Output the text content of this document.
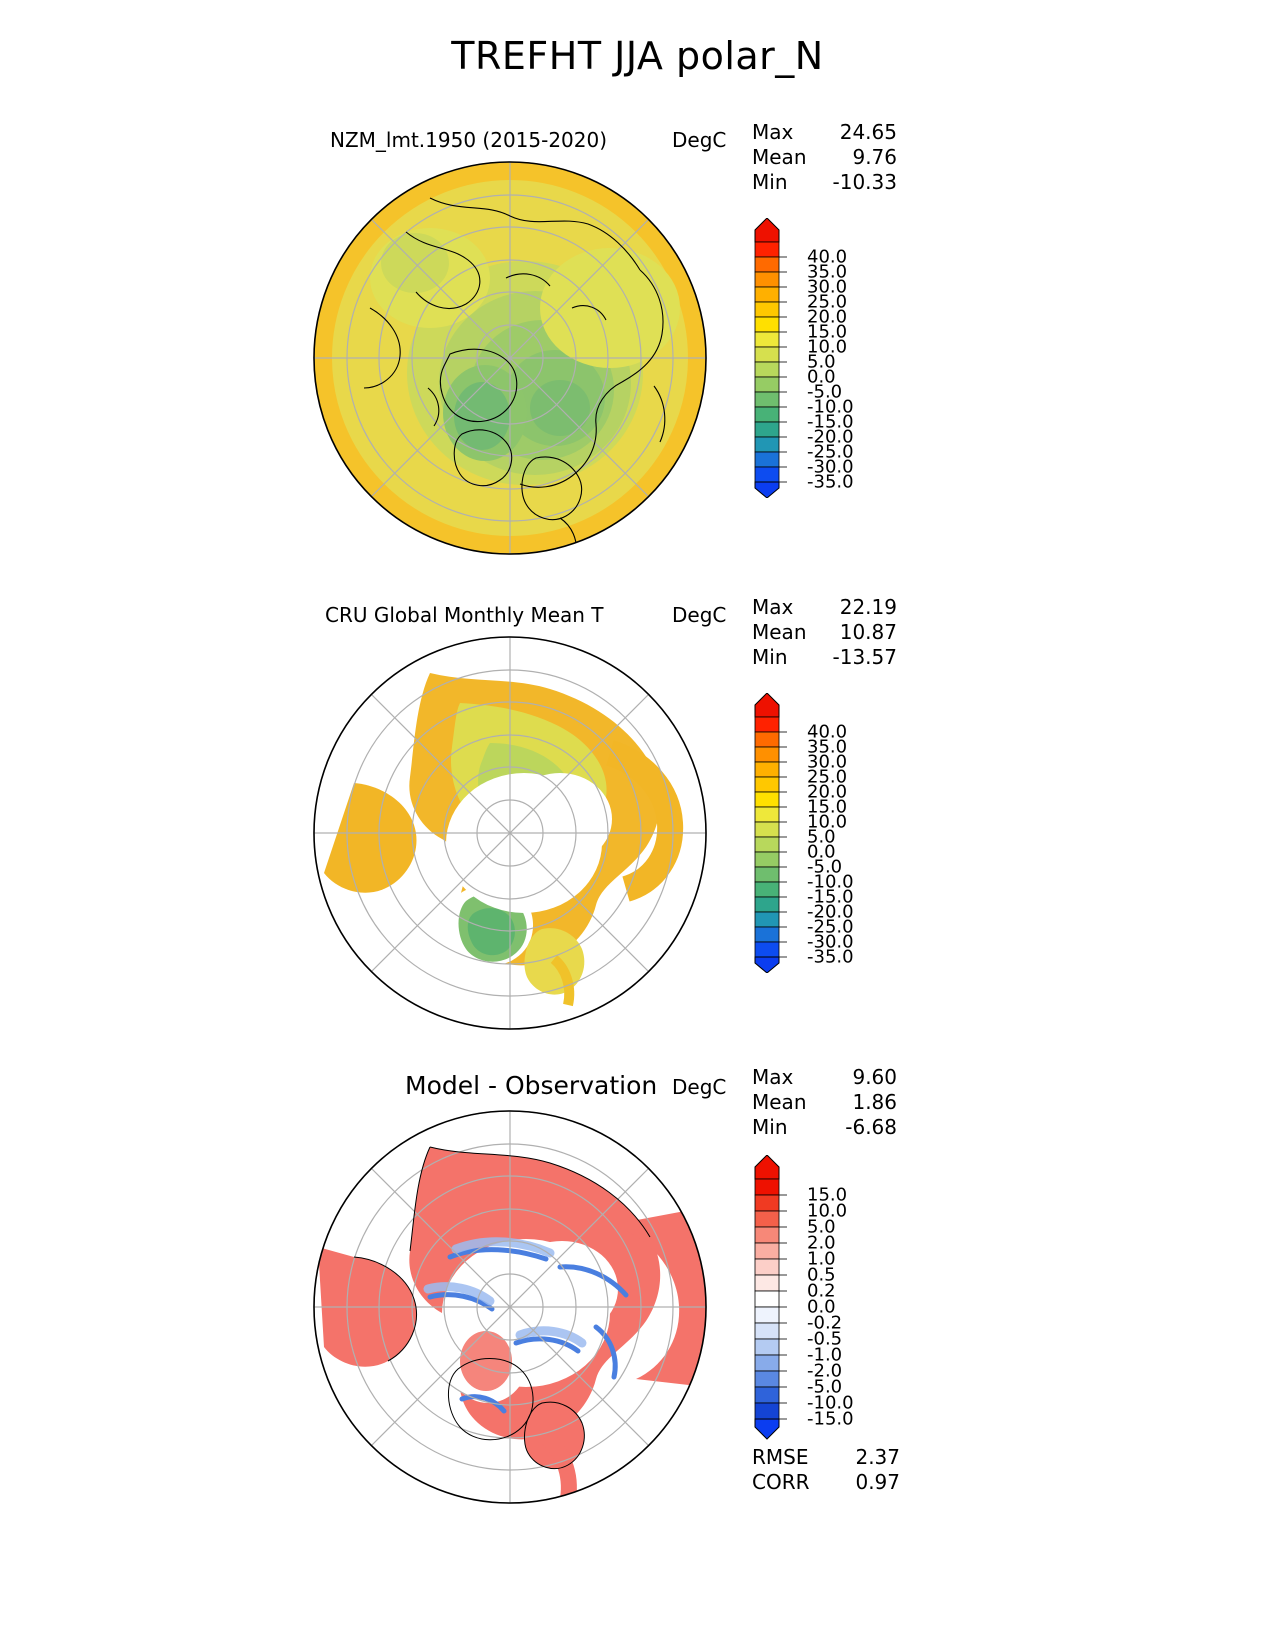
TREFHT JJA polar_N
NZM_lmt.1950 (2015-2020)	DegC Max 24.65
Mean 9.76
Min -10.33
40.0
35.0
30.0
25.0
20.0
15.0
10.0
5.0
0.0
-5.0
-10.0
-15.0
-20.0
-25.0
-30.0
-35.0
CRU Global Monthly Mean T	DegC Max 22.19
Mean 10.87
Min -13.57
40.0
35.0
30.0
25.0
20.0
15.0
10.0
5.0
0.0
-5.0
-10.0
-15.0
-20.0
-25.0
-30.0
-35.0
Model - Observation DegC Max	9.60
Mean 1.86
Min	-6.68
RMSE 2.37
CORR 0.97
15.0
10.0
5.0
2.0
1.0
0.5
0.2
0.0
-0.2
-0.5
-1.0
-2.0
-5.0
-10.0
-15.0
